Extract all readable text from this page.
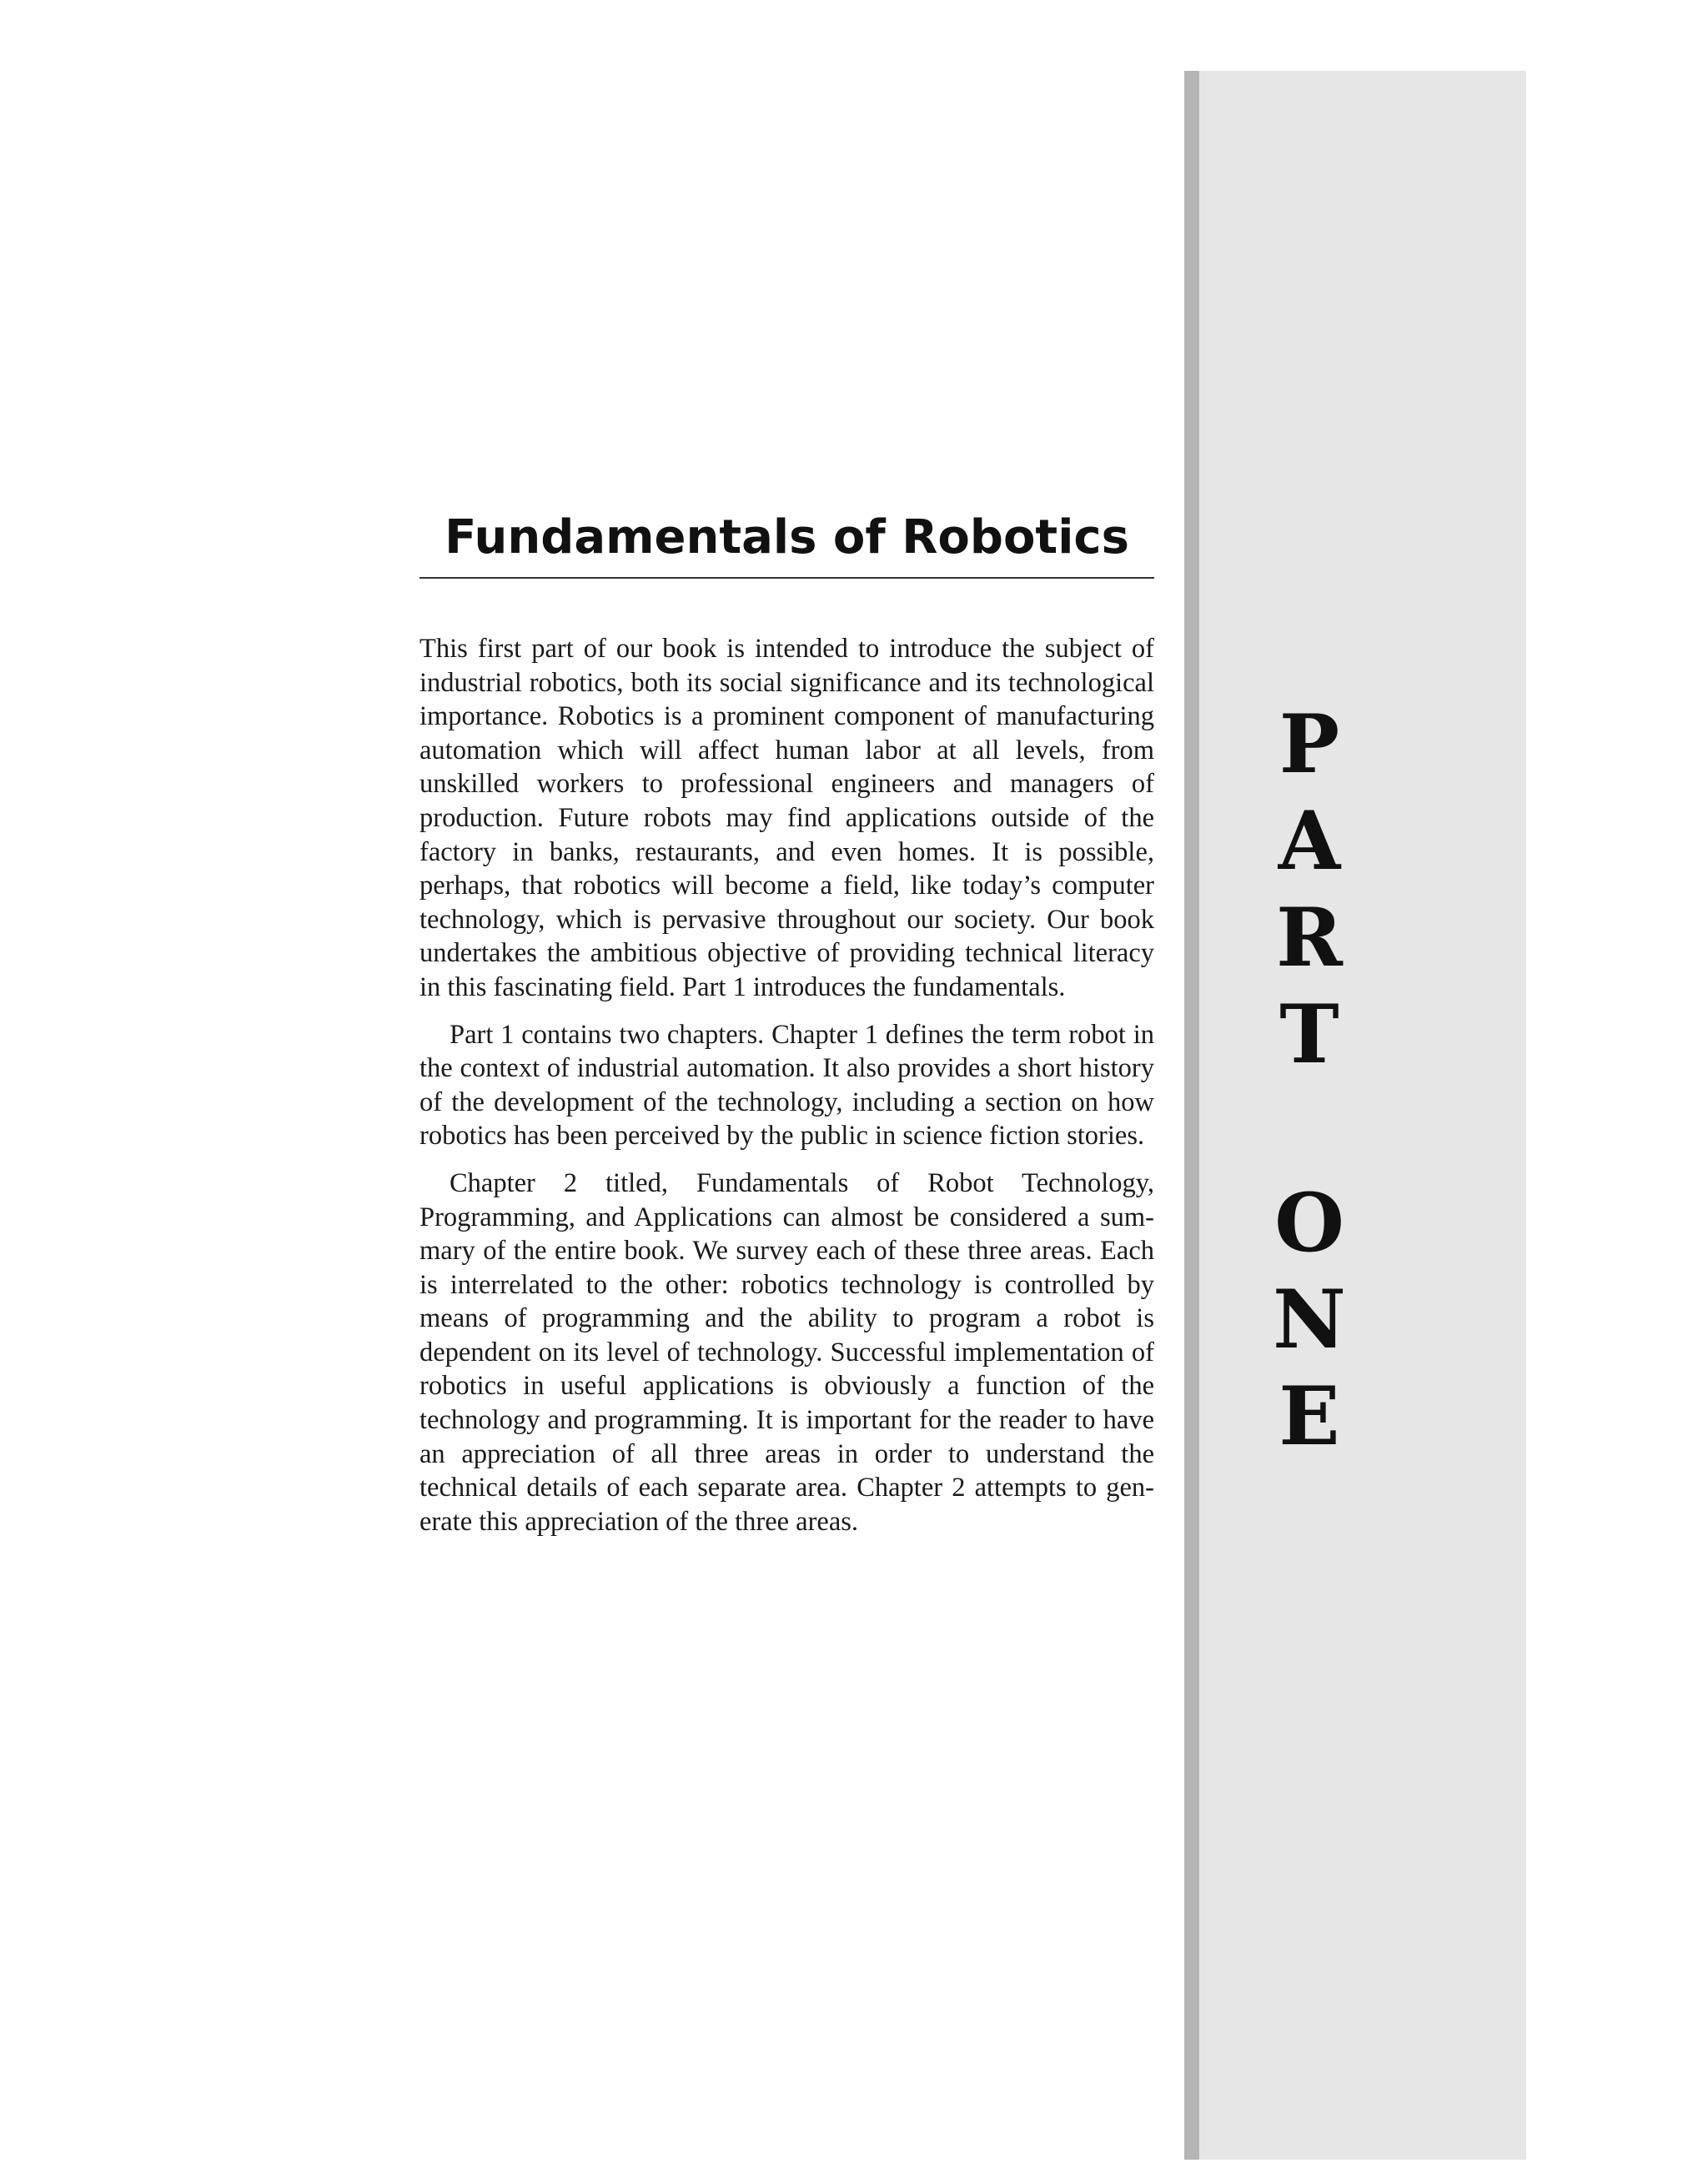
P
A
R
T
O
N
E
Fundamentals of Robotics

This first part of our book is intended to introduce the subject of industrial robotics, both its social significance and its technological importance. Robotics is a prominent component of manufacturing automation which will affect human labor at all levels, from unskilled workers to professional engineers and managers of production. Future robots may find applications outside of the factory in banks, restaurants, and even homes. It is possible, perhaps, that robotics will become a field, like today’s computer technology, which is pervasive throughout our society. Our book undertakes the ambitious objective of providing technical literacy in this fascinating field. Part 1 introduces the fundamentals.

Part 1 contains two chapters. Chapter 1 defines the term robot in the context of industrial automation. It also provides a short history of the development of the technology, including a section on how robotics has been perceived by the public in science fiction stories.

Chapter 2 titled, Fundamentals of Robot Technology, Programming, and Applications can almost be considered a sum-mary of the entire book. We survey each of these three areas. Each is interrelated to the other: robotics technology is controlled by means of programming and the ability to program a robot is dependent on its level of technology. Successful implementation of robotics in useful applications is obviously a function of the technology and programming. It is important for the reader to have an appreciation of all three areas in order to understand the technical details of each separate area. Chapter 2 attempts to gen-erate this appreciation of the three areas.
